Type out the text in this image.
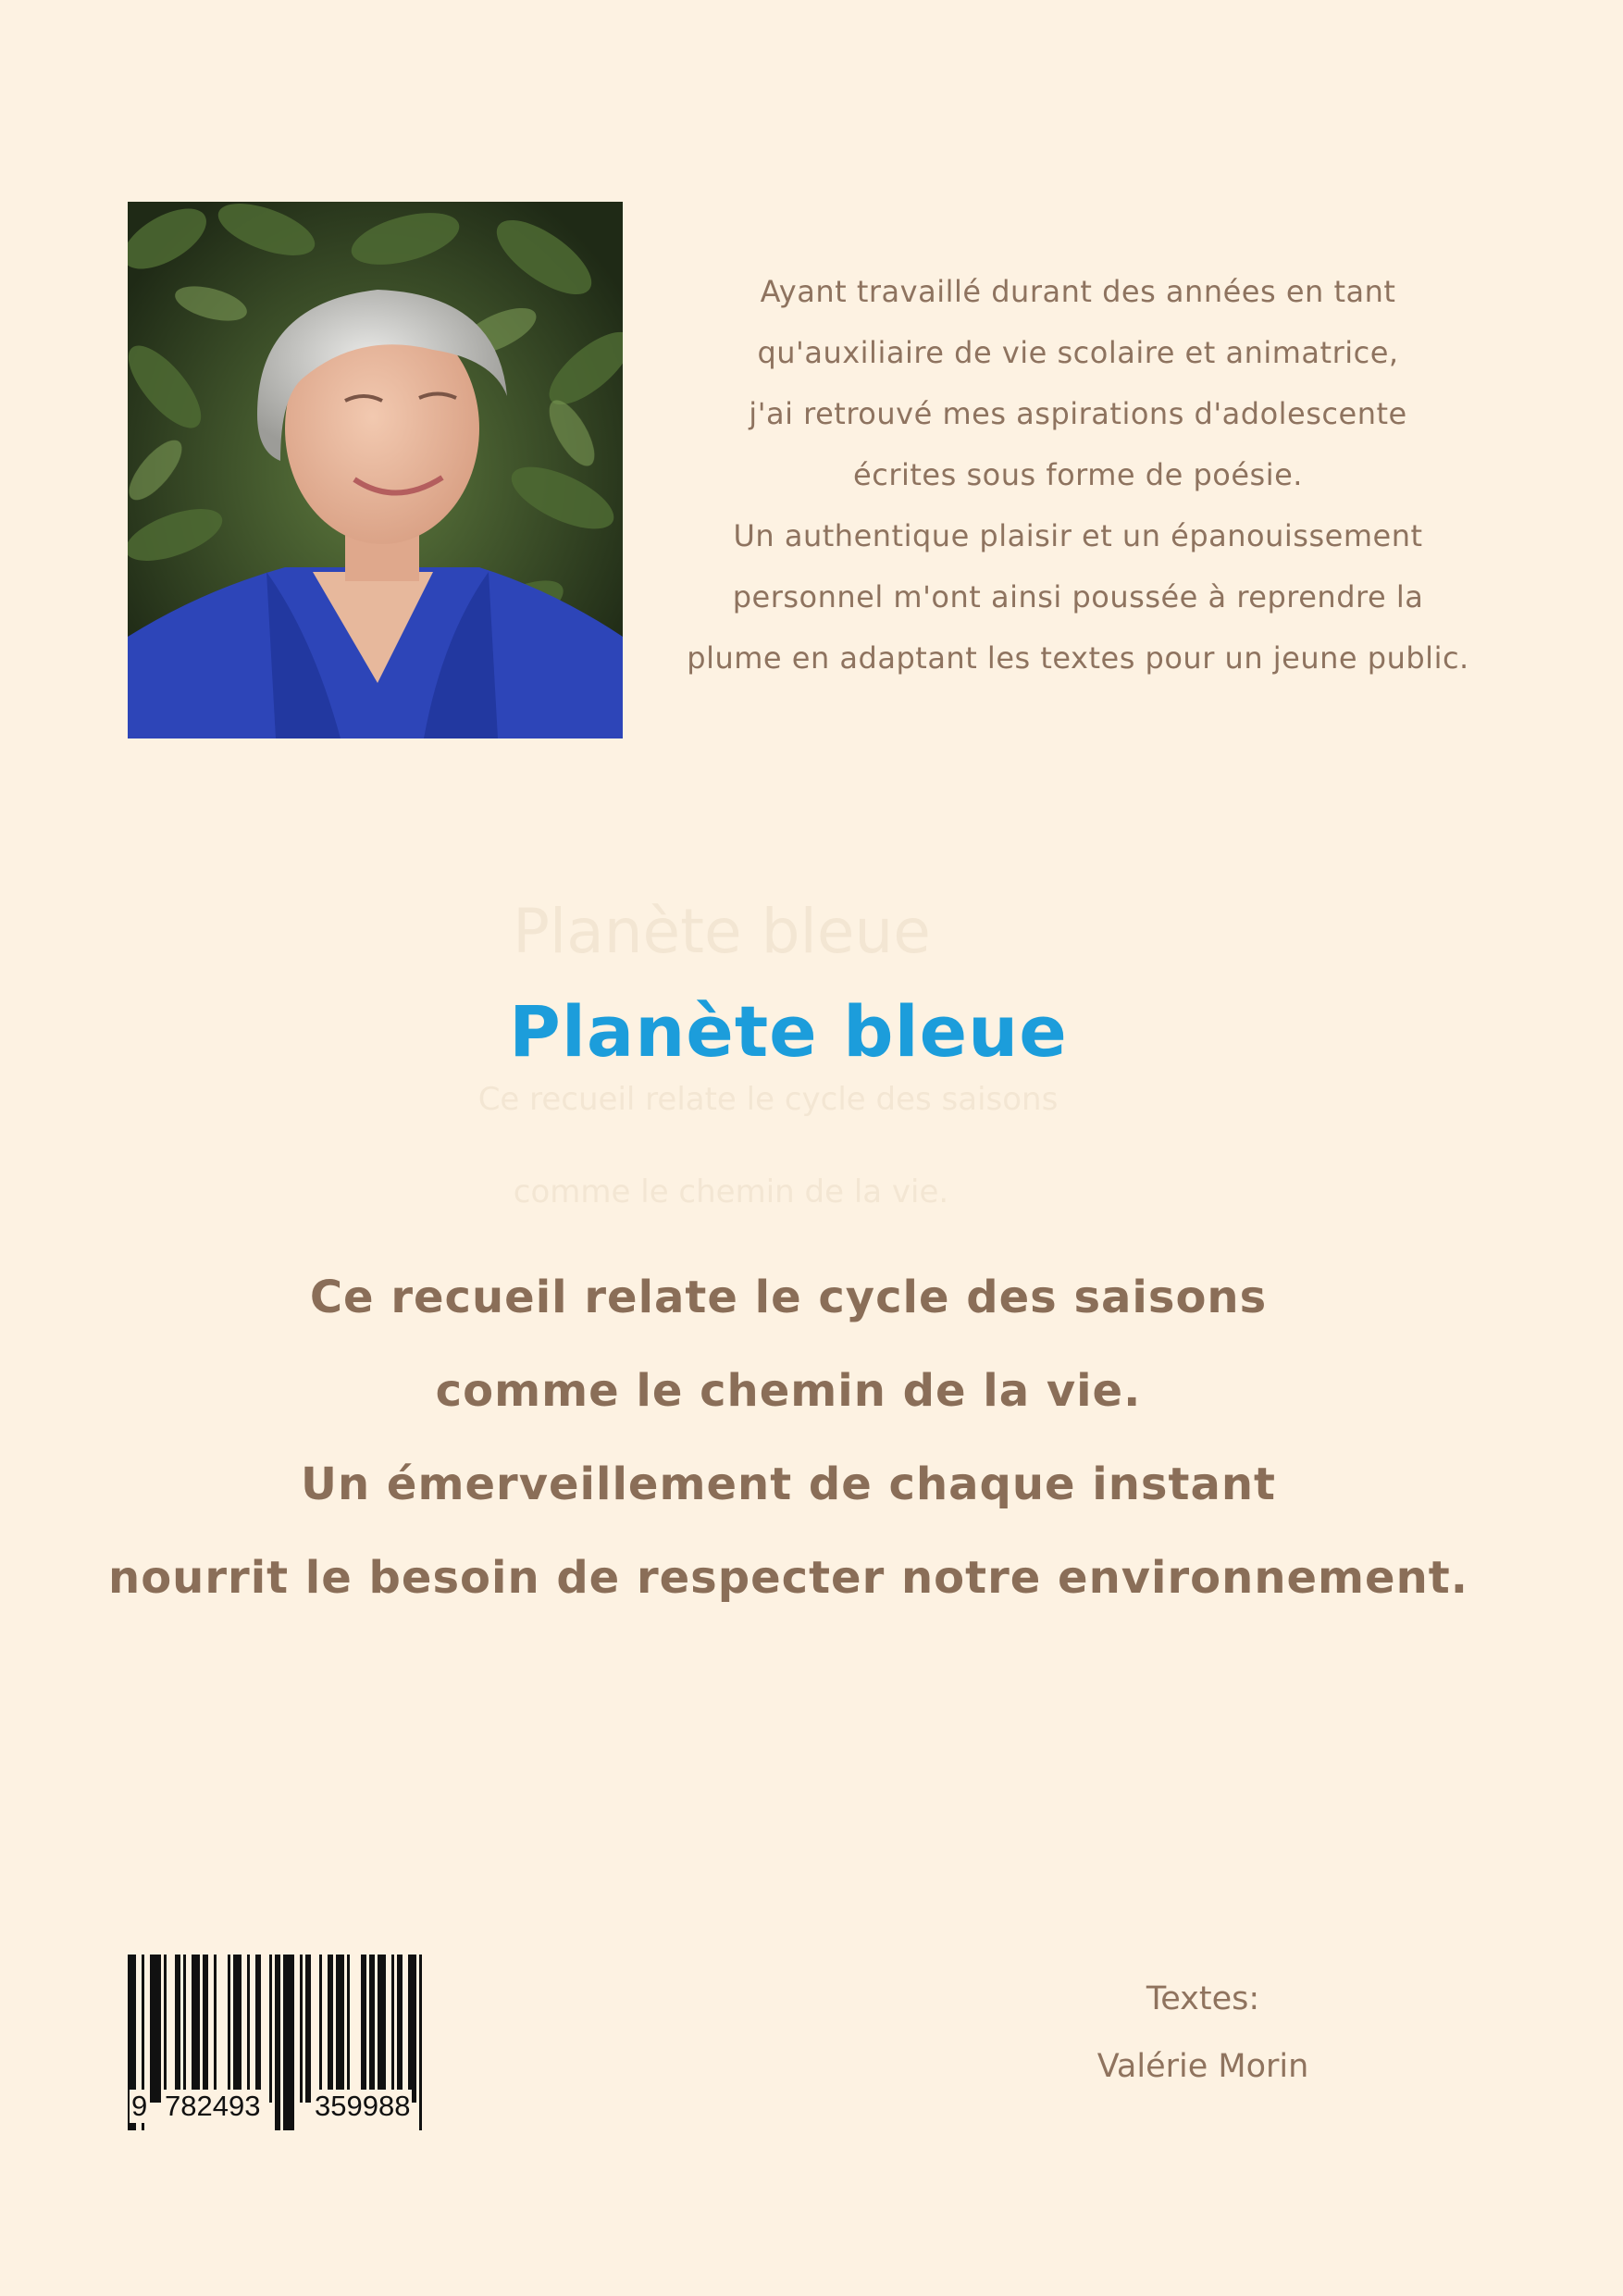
Ayant travaillé durant des années en tant
qu'auxiliaire de vie scolaire et animatrice,
j'ai retrouvé mes aspirations d'adolescente
écrites sous forme de poésie.
Un authentique plaisir et un épanouissement
personnel m'ont ainsi poussée à reprendre la
plume en adaptant les textes pour un jeune public.
Planète bleue
Ce recueil relate le cycle des saisons
comme le chemin de la vie.
Planète bleue
Ce recueil relate le cycle des saisons
comme le chemin de la vie.
Un émerveillement de chaque instant
nourrit le besoin de respecter notre environnement.
9 782493 359988
Textes:
Valérie Morin
